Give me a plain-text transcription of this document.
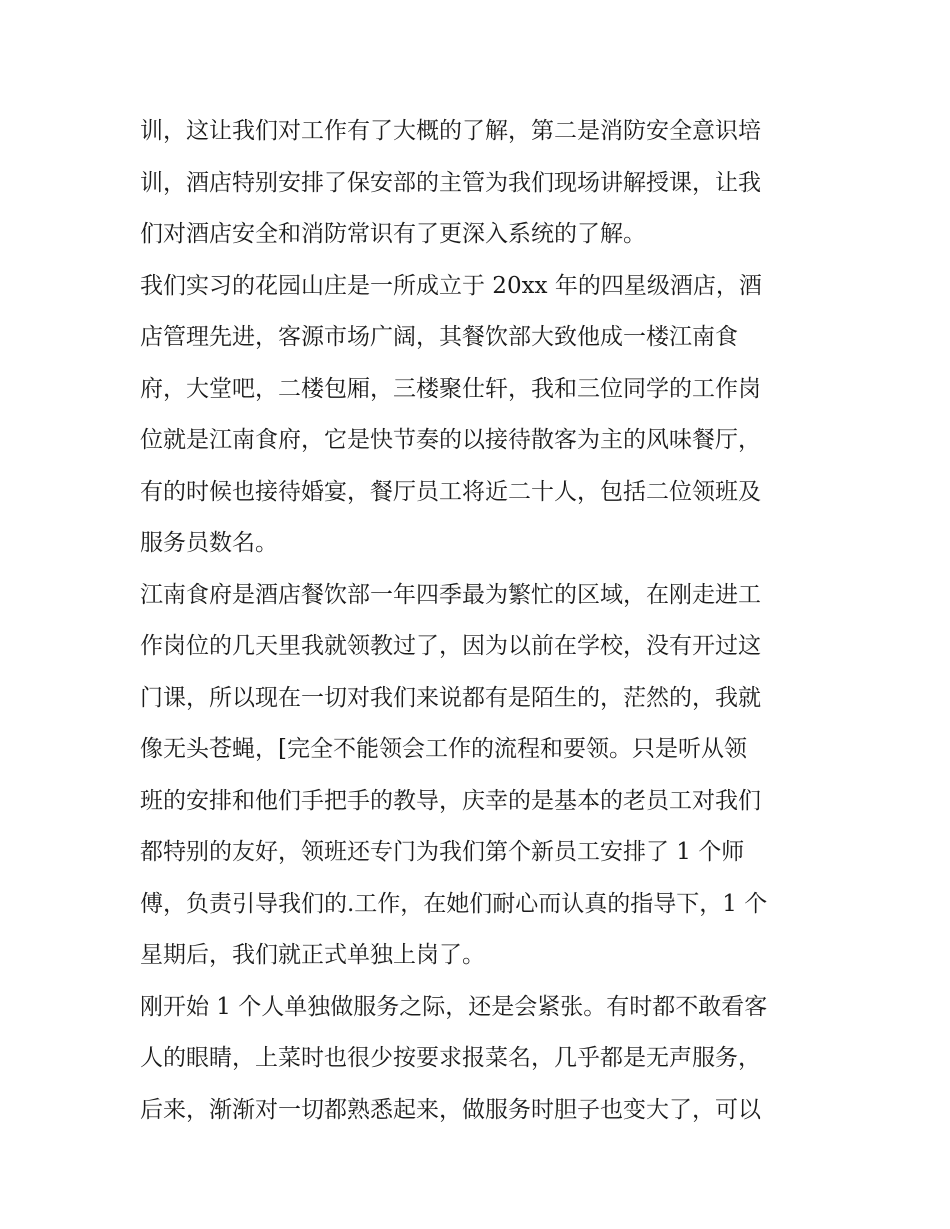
训，这让我们对工作有了大概的了解，第二是消防安全意识培
训，酒店特别安排了保安部的主管为我们现场讲解授课，让我
们对酒店安全和消防常识有了更深入系统的了解。
我们实习的花园山庄是一所成立于 20xx 年的四星级酒店，酒
店管理先进，客源市场广阔，其餐饮部大致他成一楼江南食
府，大堂吧，二楼包厢，三楼聚仕轩，我和三位同学的工作岗
位就是江南食府，它是快节奏的以接待散客为主的风味餐厅，
有的时候也接待婚宴，餐厅员工将近二十人，包括二位领班及
服务员数名。
江南食府是酒店餐饮部一年四季最为繁忙的区域，在刚走进工
作岗位的几天里我就领教过了，因为以前在学校，没有开过这
门课，所以现在一切对我们来说都有是陌生的，茫然的，我就
像无头苍蝇，[完全不能领会工作的流程和要领。只是听从领
班的安排和他们手把手的教导，庆幸的是基本的老员工对我们
都特别的友好，领班还专门为我们第个新员工安排了 1 个师
傅，负责引导我们的.工作，在她们耐心而认真的指导下，1 个
星期后，我们就正式单独上岗了。
刚开始 1 个人单独做服务之际，还是会紧张。有时都不敢看客
人的眼睛，上菜时也很少按要求报菜名，几乎都是无声服务，
后来，渐渐对一切都熟悉起来，做服务时胆子也变大了，可以
